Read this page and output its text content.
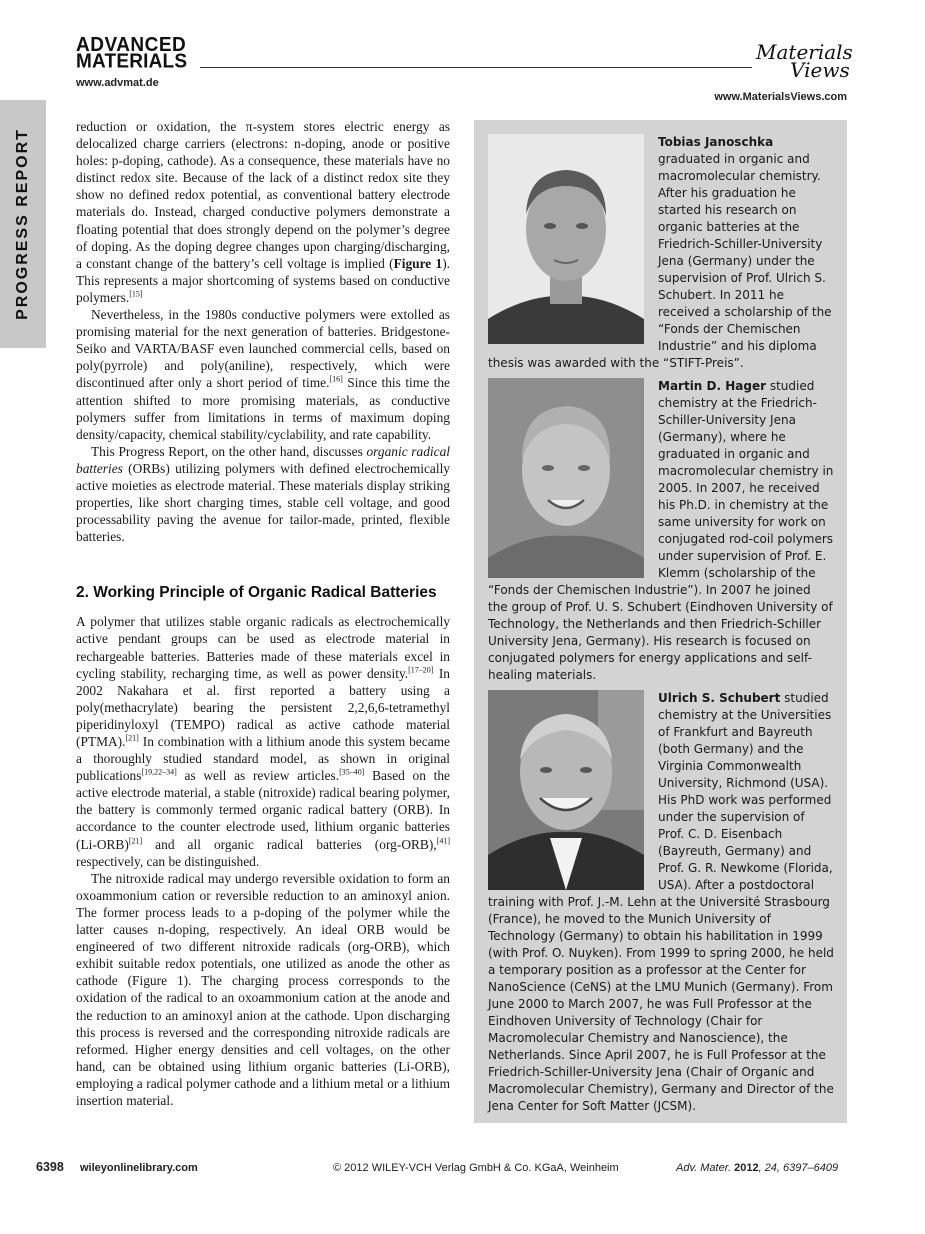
ADVANCED
MATERIALS
www.advmat.de
Materials
Views
www.MaterialsViews.com
PROGRESS REPORT

reduction or oxidation, the π-system stores electric energy as delocalized charge carriers (electrons: n-doping, anode or positive holes: p-doping, cathode). As a consequence, these materials have no distinct redox site. Because of the lack of a distinct redox site they show no defined redox potential, as conventional battery electrode materials do. Instead, charged conductive polymers demonstrate a floating potential that does strongly depend on the polymer’s degree of doping. As the doping degree changes upon charging/discharging, a constant change of the battery’s cell voltage is implied (Figure 1). This represents a major shortcoming of systems based on conductive polymers.[15]

Nevertheless, in the 1980s conductive polymers were extolled as promising material for the next generation of batteries. Bridgestone-Seiko and VARTA/BASF even launched commercial cells, based on poly(pyrrole) and poly(aniline), respectively, which were discontinued after only a short period of time.[16] Since this time the attention shifted to more promising materials, as conductive polymers suffer from limitations in terms of maximum doping density/capacity, chemical stability/cyclability, and rate capability.

This Progress Report, on the other hand, discusses organic radical batteries (ORBs) utilizing polymers with defined electrochemically active moieties as electrode material. These materials display striking properties, like short charging times, stable cell voltage, and good processability paving the avenue for tailor-made, printed, flexible batteries.

2. Working Principle of Organic Radical Batteries

A polymer that utilizes stable organic radicals as electrochemically active pendant groups can be used as electrode material in rechargeable batteries. Batteries made of these materials excel in cycling stability, recharging time, as well as power density.[17–20] In 2002 Nakahara et al. first reported a battery using a poly(methacrylate) bearing the persistent 2,2,6,6-tetramethyl piperidinyloxyl (TEMPO) radical as active cathode material (PTMA).[21] In combination with a lithium anode this system became a thoroughly studied standard model, as shown in original publications[19,22–34] as well as review articles.[35–40] Based on the active electrode material, a stable (nitroxide) radical bearing polymer, the battery is commonly termed organic radical battery (ORB). In accordance to the counter electrode used, lithium organic batteries (Li-ORB)[21] and all organic radical batteries (org-ORB),[41] respectively, can be distinguished.

The nitroxide radical may undergo reversible oxidation to form an oxoammonium cation or reversible reduction to an aminoxyl anion. The former process leads to a p-doping of the polymer while the latter causes n-doping, respectively. An ideal ORB would be engineered of two different nitroxide radicals (org-ORB), which exhibit suitable redox potentials, one utilized as anode the other as cathode (Figure 1). The charging process corresponds to the oxidation of the radical to an oxoammonium cation at the anode and the reduction to an aminoxyl anion at the cathode. Upon discharging this process is reversed and the corresponding nitroxide radicals are reformed. Higher energy densities and cell voltages, on the other hand, can be obtained using lithium organic batteries (Li-ORB), employing a radical polymer cathode and a lithium metal or a lithium insertion material.

Tobias Janoschka graduated in organic and macromolecular chemistry. After his graduation he started his research on organic batteries at the Friedrich-Schiller-University Jena (Germany) under the supervision of Prof. Ulrich S. Schubert. In 2011 he received a scholarship of the “Fonds der Chemischen Industrie” and his diploma thesis was awarded with the “STIFT-Preis”.
Martin D. Hager studied chemistry at the Friedrich-Schiller-University Jena (Germany), where he graduated in organic and macromolecular chemistry in 2005. In 2007, he received his Ph.D. in chemistry at the same university for work on conjugated rod-coil polymers under supervision of Prof. E. Klemm (scholarship of the “Fonds der Chemischen Industrie”). In 2007 he joined the group of Prof. U. S. Schubert (Eindhoven University of Technology, the Netherlands and then Friedrich-Schiller University Jena, Germany). His research is focused on conjugated polymers for energy applications and self-healing materials.
Ulrich S. Schubert studied chemistry at the Universities of Frankfurt and Bayreuth (both Germany) and the Virginia Commonwealth University, Richmond (USA). His PhD work was performed under the supervision of Prof. C. D. Eisenbach (Bayreuth, Germany) and Prof. G. R. Newkome (Florida, USA). After a postdoctoral training with Prof. J.-M. Lehn at the Université Strasbourg (France), he moved to the Munich University of Technology (Germany) to obtain his habilitation in 1999 (with Prof. O. Nuyken). From 1999 to spring 2000, he held a temporary position as a professor at the Center for NanoScience (CeNS) at the LMU Munich (Germany). From June 2000 to March 2007, he was Full Professor at the Eindhoven University of Technology (Chair for Macromolecular Chemistry and Nanoscience), the Netherlands. Since April 2007, he is Full Professor at the Friedrich-Schiller-University Jena (Chair of Organic and Macromolecular Chemistry), Germany and Director of the Jena Center for Soft Matter (JCSM).
6398 wileyonlinelibrary.com	© 2012 WILEY-VCH Verlag GmbH & Co. KGaA, Weinheim	Adv. Mater. 2012, 24, 6397–6409
